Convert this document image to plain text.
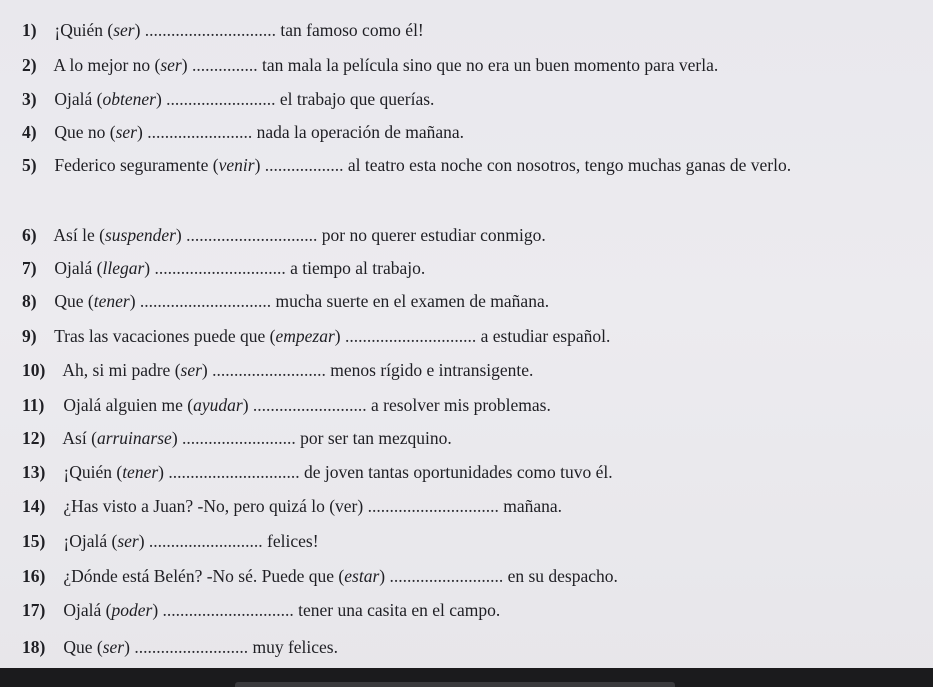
1) ¡Quién (ser) .............................. tan famoso como él!
2) A lo mejor no (ser) ............... tan mala la película sino que no era un buen momento para verla.
3) Ojalá (obtener) ......................... el trabajo que querías.
4) Que no (ser) ........................ nada la operación de mañana.
5) Federico seguramente (venir) .................. al teatro esta noche con nosotros, tengo muchas ganas de verlo.
6) Así le (suspender) .............................. por no querer estudiar conmigo.
7) Ojalá (llegar) .............................. a tiempo al trabajo.
8) Que (tener) .............................. mucha suerte en el examen de mañana.
9) Tras las vacaciones puede que (empezar) .............................. a estudiar español.
10) Ah, si mi padre (ser) .......................... menos rígido e intransigente.
11) Ojalá alguien me (ayudar) .......................... a resolver mis problemas.
12) Así (arruinarse) .......................... por ser tan mezquino.
13) ¡Quién (tener) .............................. de joven tantas oportunidades como tuvo él.
14) ¿Has visto a Juan? -No, pero quizá lo (ver) .............................. mañana.
15) ¡Ojalá (ser) .......................... felices!
16) ¿Dónde está Belén? -No sé. Puede que (estar) .......................... en su despacho.
17) Ojalá (poder) .............................. tener una casita en el campo.
18) Que (ser) .......................... muy felices.
